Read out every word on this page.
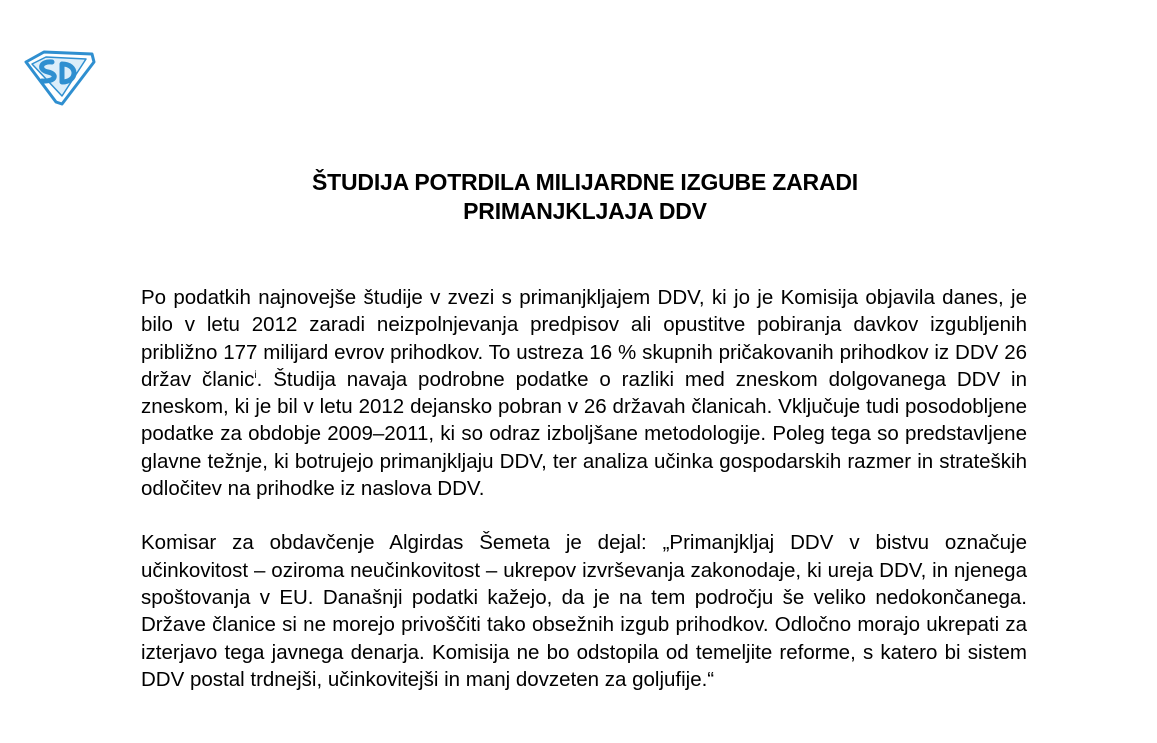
ŠTUDIJA POTRDILA MILIJARDNE IZGUBE ZARADI
PRIMANJKLJAJA DDV

Po podatkih najnovejše študije v zvezi s primanjkljajem DDV, ki jo je Komisija objavila danes, je bilo v letu 2012 zaradi neizpolnjevanja predpisov ali opustitve pobiranja davkov izgubljenih približno 177 milijard evrov prihodkov. To ustreza 16 % skupnih pričakovanih prihodkov iz DDV 26 držav članic$^i$. Študija navaja podrobne podatke o razliki med zneskom dolgovanega DDV in zneskom, ki je bil v letu 2012 dejansko pobran v 26 državah članicah. Vključuje tudi posodobljene podatke za obdobje 2009–2011, ki so odraz izboljšane metodologije. Poleg tega so predstavljene glavne težnje, ki botrujejo primanjkljaju DDV, ter analiza učinka gospodarskih razmer in strateških odločitev na prihodke iz naslova DDV.

Komisar za obdavčenje Algirdas Šemeta je dejal: „Primanjkljaj DDV v bistvu označuje učinkovitost – oziroma neučinkovitost – ukrepov izvrševanja zakonodaje, ki ureja DDV, in njenega spoštovanja v EU. Današnji podatki kažejo, da je na tem področju še veliko nedokončanega. Države članice si ne morejo privoščiti tako obsežnih izgub prihodkov. Odločno morajo ukrepati za izterjavo tega javnega denarja. Komisija ne bo odstopila od temeljite reforme, s katero bi sistem DDV postal trdnejši, učinkovitejši in manj dovzeten za goljufije.“
